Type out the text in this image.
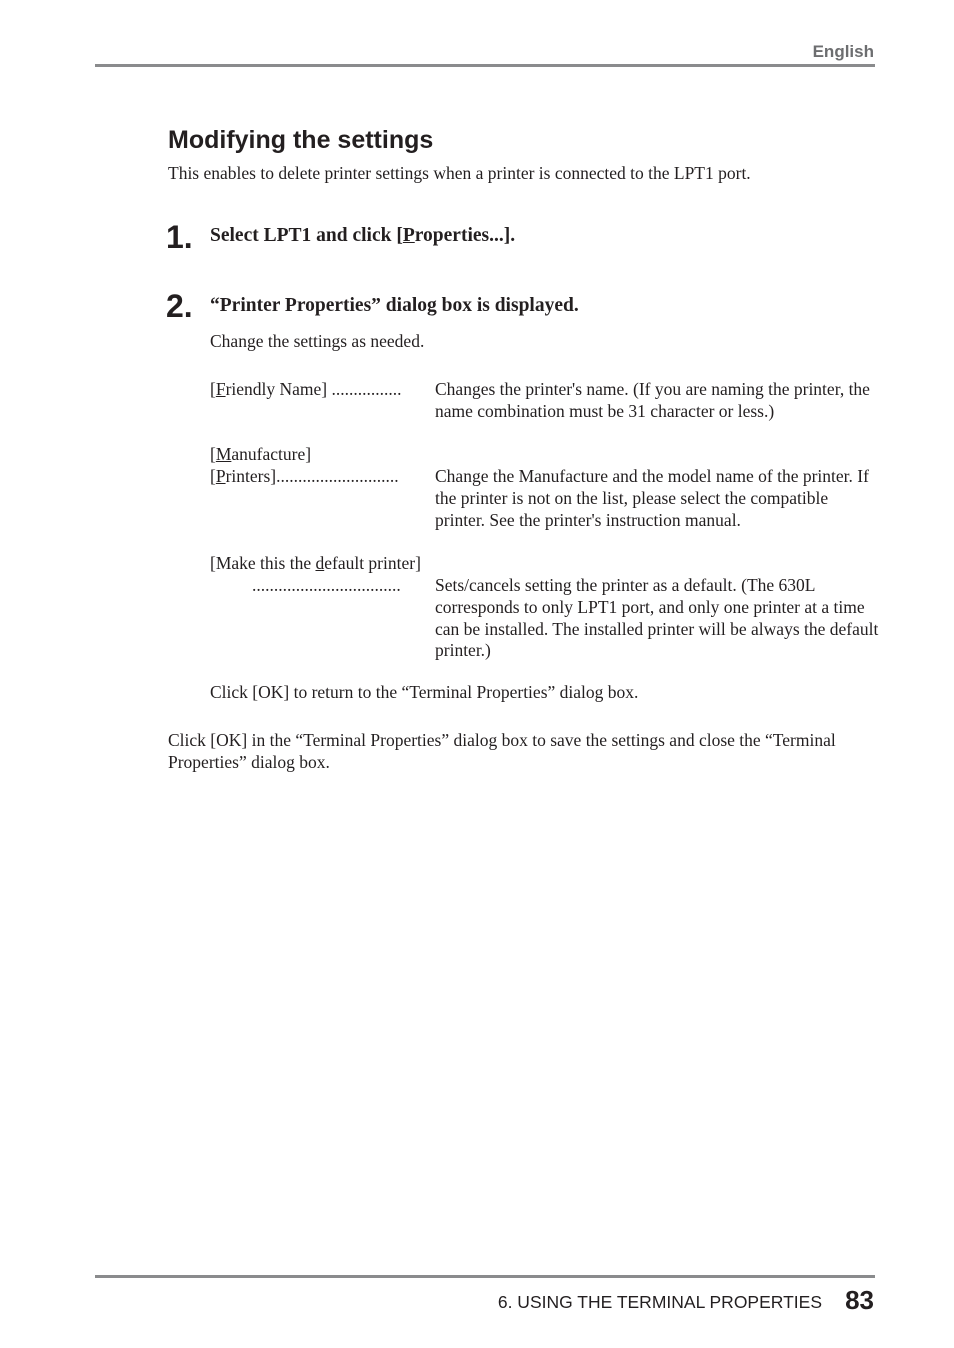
English
Modifying the settings
This enables to delete printer settings when a printer is connected to the LPT1 port.
1. Select LPT1 and click [Properties...].
2. “Printer Properties” dialog box is displayed.
Change the settings as needed.
[Friendly Name] ................ Changes the printer's name. (If you are naming the printer, the name combination must be 31 character or less.)
[Manufacture]
[Printers]............................ Change the Manufacture and the model name of the printer. If the printer is not on the list, please select the compatible printer. See the printer's instruction manual.
[Make this the default printer]
.................................. Sets/cancels setting the printer as a default. (The 630L corresponds to only LPT1 port, and only one printer at a time can be installed. The installed printer will be always the default printer.)
Click [OK] to return to the “Terminal Properties” dialog box.
Click [OK] in the “Terminal Properties” dialog box to save the settings and close the “Terminal Properties” dialog box.
6. USING THE TERMINAL PROPERTIES 83
